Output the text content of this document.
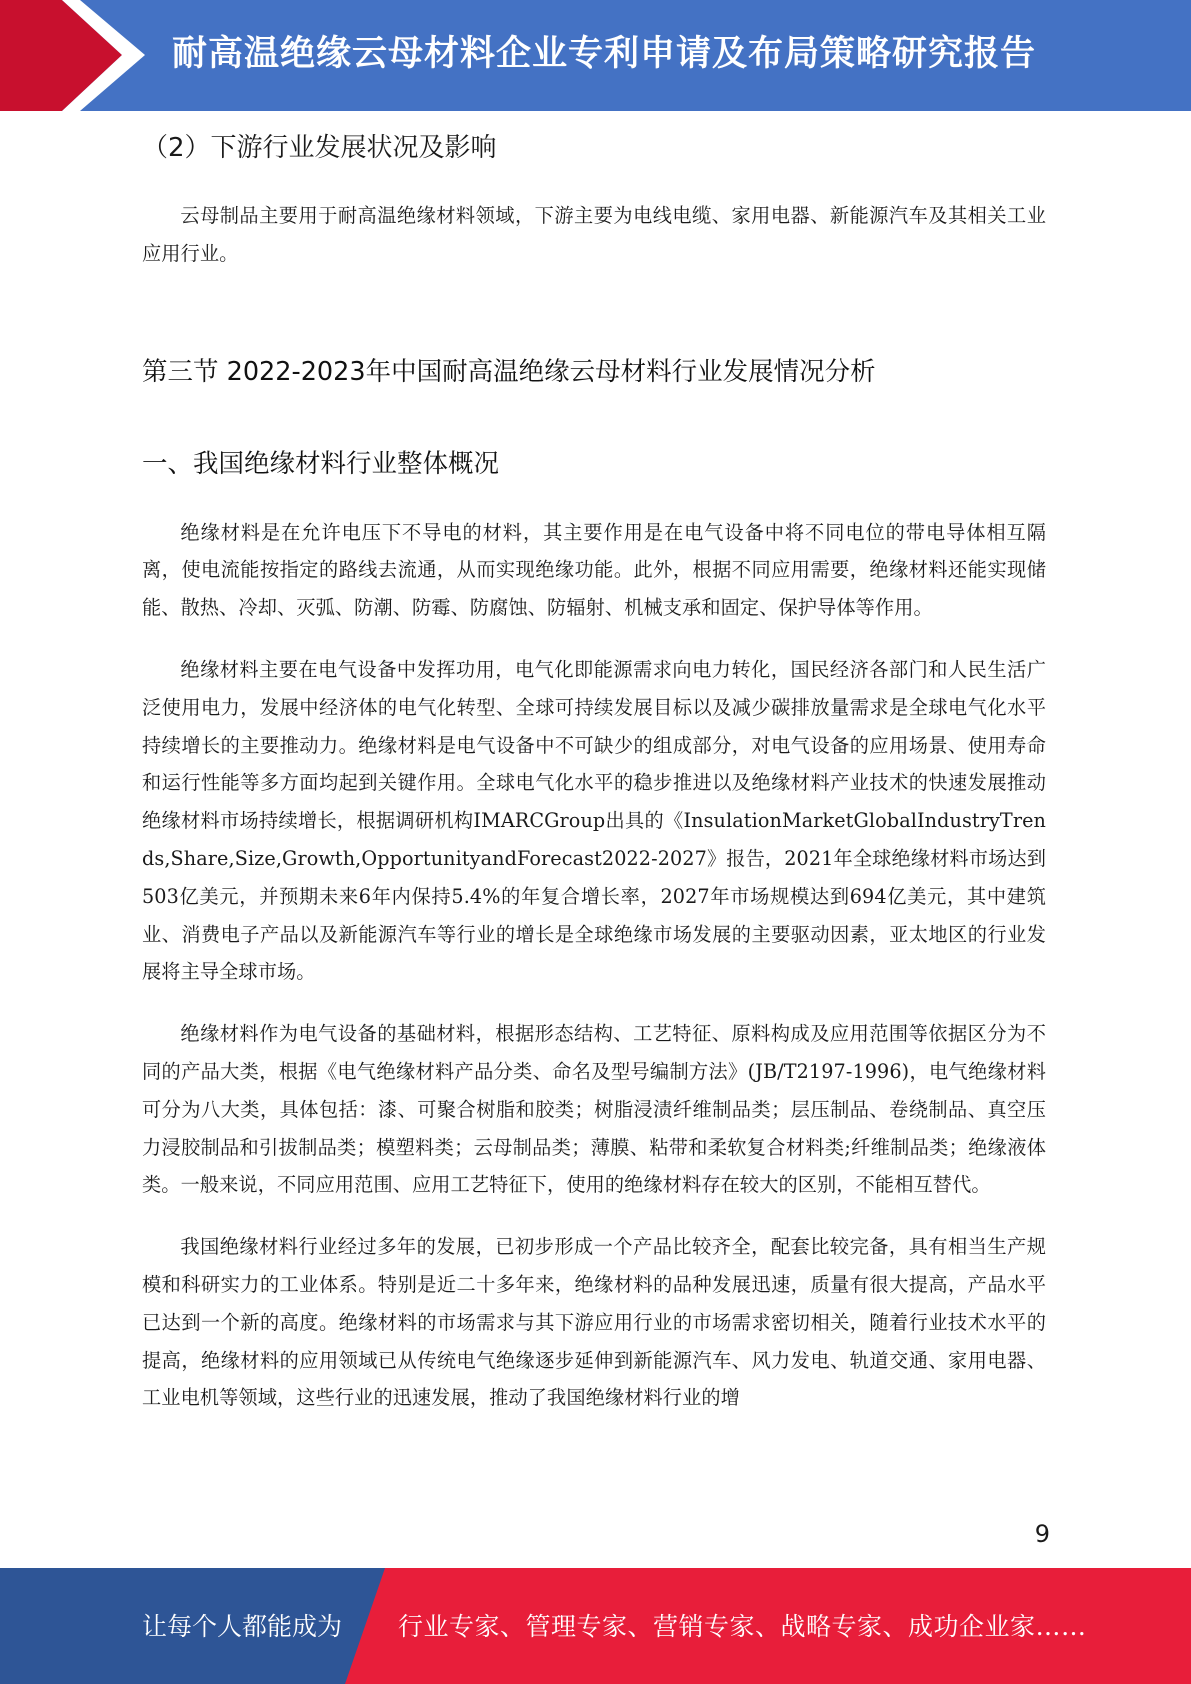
耐高温绝缘云母材料企业专利申请及布局策略研究报告
（2）下游行业发展状况及影响

云母制品主要用于耐高温绝缘材料领域，下游主要为电线电缆、家用电器、新能源汽车及其相关工业应用行业。

第三节 2022-2023年中国耐高温绝缘云母材料行业发展情况分析
一、我国绝缘材料行业整体概况

绝缘材料是在允许电压下不导电的材料，其主要作用是在电气设备中将不同电位的带电导体相互隔离，使电流能按指定的路线去流通，从而实现绝缘功能。此外，根据不同应用需要，绝缘材料还能实现储能、散热、冷却、灭弧、防潮、防霉、防腐蚀、防辐射、机械支承和固定、保护导体等作用。

绝缘材料主要在电气设备中发挥功用，电气化即能源需求向电力转化，国民经济各部门和人民生活广泛使用电力，发展中经济体的电气化转型、全球可持续发展目标以及减少碳排放量需求是全球电气化水平持续增长的主要推动力。绝缘材料是电气设备中不可缺少的组成部分，对电气设备的应用场景、使用寿命和运行性能等多方面均起到关键作用。全球电气化水平的稳步推进以及绝缘材料产业技术的快速发展推动绝缘材料市场持续增长，根据调研机构IMARCGroup出具的《InsulationMarketGlobalIndustryTrends,Share,Size,Growth,OpportunityandForecast2022-2027》报告，2021年全球绝缘材料市场达到503亿美元，并预期未来6年内保持5.4%的年复合增长率，2027年市场规模达到694亿美元，其中建筑业、消费电子产品以及新能源汽车等行业的增长是全球绝缘市场发展的主要驱动因素，亚太地区的行业发展将主导全球市场。

绝缘材料作为电气设备的基础材料，根据形态结构、工艺特征、原料构成及应用范围等依据区分为不同的产品大类，根据《电气绝缘材料产品分类、命名及型号编制方法》(JB/T2197-1996)，电气绝缘材料可分为八大类，具体包括：漆、可聚合树脂和胶类；树脂浸渍纤维制品类；层压制品、卷绕制品、真空压力浸胶制品和引拔制品类；模塑料类；云母制品类；薄膜、粘带和柔软复合材料类;纤维制品类；绝缘液体类。一般来说，不同应用范围、应用工艺特征下，使用的绝缘材料存在较大的区别，不能相互替代。

我国绝缘材料行业经过多年的发展，已初步形成一个产品比较齐全，配套比较完备，具有相当生产规模和科研实力的工业体系。特别是近二十多年来，绝缘材料的品种发展迅速，质量有很大提高，产品水平已达到一个新的高度。绝缘材料的市场需求与其下游应用行业的市场需求密切相关，随着行业技术水平的提高，绝缘材料的应用领域已从传统电气绝缘逐步延伸到新能源汽车、风力发电、轨道交通、家用电器、工业电机等领域，这些行业的迅速发展，推动了我国绝缘材料行业的增

9
让每个人都能成为 行业专家、管理专家、营销专家、战略专家、成功企业家……
